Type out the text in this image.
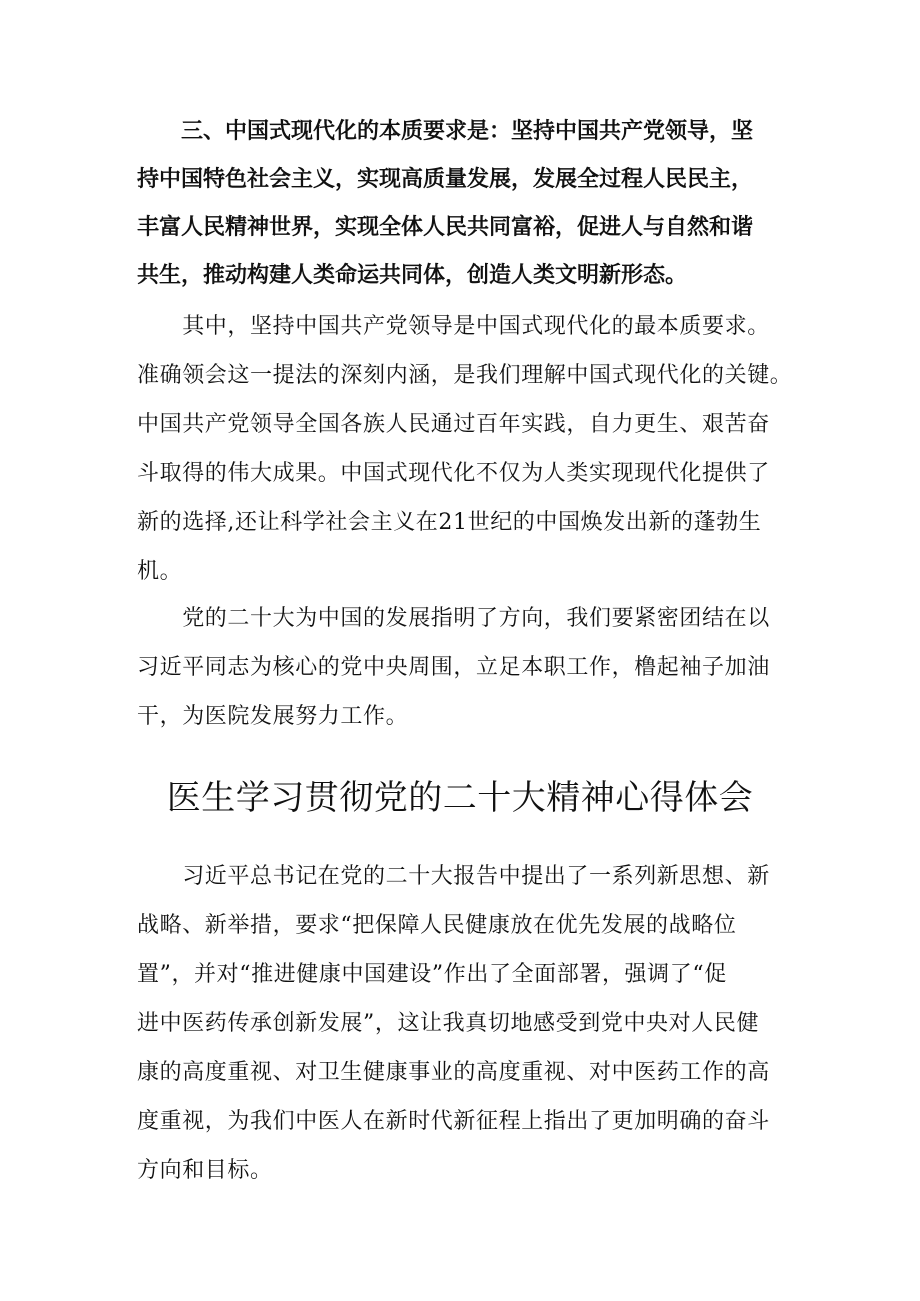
　　三、中国式现代化的本质要求是：坚持中国共产党领导，坚
持中国特色社会主义，实现高质量发展，发展全过程人民民主，
丰富人民精神世界，实现全体人民共同富裕，促进人与自然和谐
共生，推动构建人类命运共同体，创造人类文明新形态。
　　其中，坚持中国共产党领导是中国式现代化的最本质要求。
准确领会这一提法的深刻内涵，是我们理解中国式现代化的关键。
中国共产党领导全国各族人民通过百年实践，自力更生、艰苦奋
斗取得的伟大成果。中国式现代化不仅为人类实现现代化提供了
新的选择,还让科学社会主义在21世纪的中国焕发出新的蓬勃生
机。
　　党的二十大为中国的发展指明了方向，我们要紧密团结在以
习近平同志为核心的党中央周围，立足本职工作，橹起袖子加油
干，为医院发展努力工作。
医生学习贯彻党的二十大精神心得体会
　　习近平总书记在党的二十大报告中提出了一系列新思想、新
战略、新举措，要求“把保障人民健康放在优先发展的战略位
置”，并对“推进健康中国建设”作出了全面部署，强调了“促
进中医药传承创新发展”，这让我真切地感受到党中央对人民健
康的高度重视、对卫生健康事业的高度重视、对中医药工作的高
度重视，为我们中医人在新时代新征程上指出了更加明确的奋斗
方向和目标。
